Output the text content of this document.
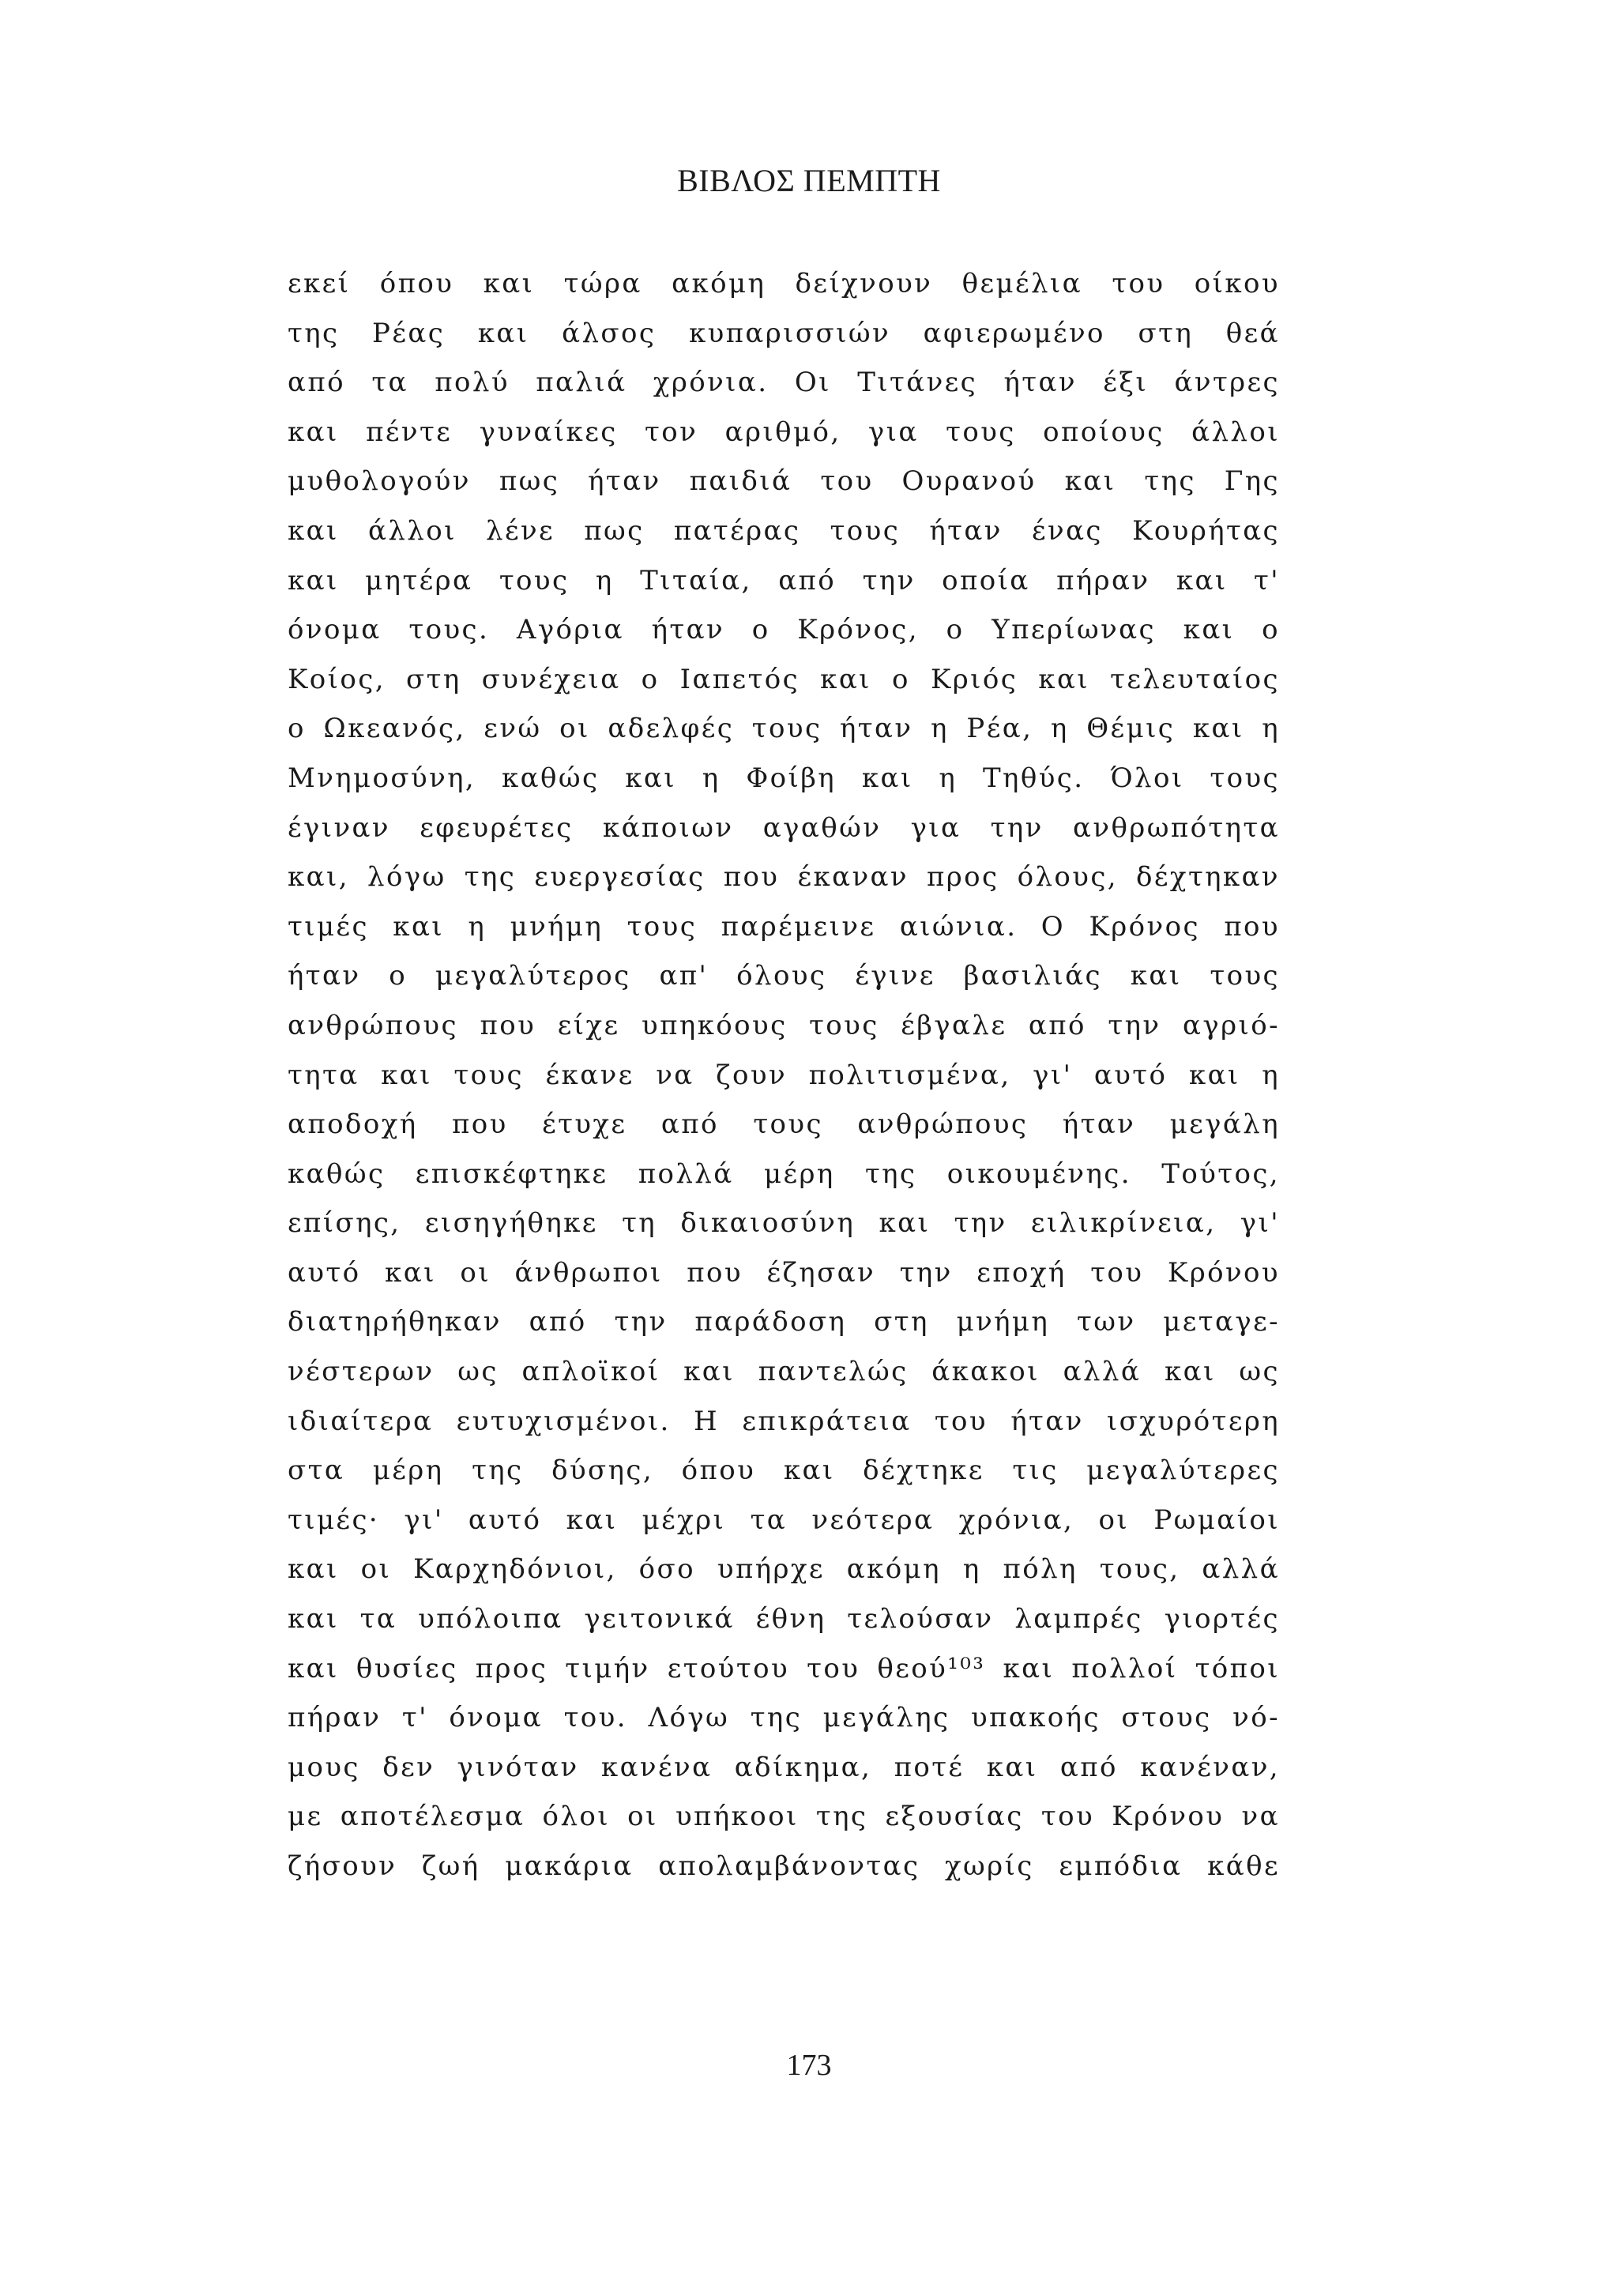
ΒΙΒΛΟΣ ΠΕΜΠΤΗ
εκεί όπου και τώρα ακόμη δείχνουν θεμέλια του οίκου
της Ρέας και άλσος κυπαρισσιών αφιερωμένο στη θεά
από τα πολύ παλιά χρόνια. Οι Τιτάνες ήταν έξι άντρες
και πέντε γυναίκες τον αριθμό, για τους οποίους άλλοι
μυθολογούν πως ήταν παιδιά του Ουρανού και της Γης
και άλλοι λένε πως πατέρας τους ήταν ένας Κουρήτας
και μητέρα τους η Τιταία, από την οποία πήραν και τ'
όνομα τους. Αγόρια ήταν ο Κρόνος, ο Υπερίωνας και ο
Κοίος, στη συνέχεια ο Ιαπετός και ο Κριός και τελευταίος
ο Ωκεανός, ενώ οι αδελφές τους ήταν η Ρέα, η Θέμις και η
Μνημοσύνη, καθώς και η Φοίβη και η Τηθύς. Όλοι τους
έγιναν εφευρέτες κάποιων αγαθών για την ανθρωπότητα
και, λόγω της ευεργεσίας που έκαναν προς όλους, δέχτηκαν
τιμές και η μνήμη τους παρέμεινε αιώνια. Ο Κρόνος που
ήταν ο μεγαλύτερος απ' όλους έγινε βασιλιάς και τους
ανθρώπους που είχε υπηκόους τους έβγαλε από την αγριό-
τητα και τους έκανε να ζουν πολιτισμένα, γι' αυτό και η
αποδοχή που έτυχε από τους ανθρώπους ήταν μεγάλη
καθώς επισκέφτηκε πολλά μέρη της οικουμένης. Τούτος,
επίσης, εισηγήθηκε τη δικαιοσύνη και την ειλικρίνεια, γι'
αυτό και οι άνθρωποι που έζησαν την εποχή του Κρόνου
διατηρήθηκαν από την παράδοση στη μνήμη των μεταγε-
νέστερων ως απλοϊκοί και παντελώς άκακοι αλλά και ως
ιδιαίτερα ευτυχισμένοι. Η επικράτεια του ήταν ισχυρότερη
στα μέρη της δύσης, όπου και δέχτηκε τις μεγαλύτερες
τιμές· γι' αυτό και μέχρι τα νεότερα χρόνια, οι Ρωμαίοι
και οι Καρχηδόνιοι, όσο υπήρχε ακόμη η πόλη τους, αλλά
και τα υπόλοιπα γειτονικά έθνη τελούσαν λαμπρές γιορτές
και θυσίες προς τιμήν ετούτου του θεού¹⁰³ και πολλοί τόποι
πήραν τ' όνομα του. Λόγω της μεγάλης υπακοής στους νό-
μους δεν γινόταν κανένα αδίκημα, ποτέ και από κανέναν,
με αποτέλεσμα όλοι οι υπήκοοι της εξουσίας του Κρόνου να
ζήσουν ζωή μακάρια απολαμβάνοντας χωρίς εμπόδια κάθε
173
